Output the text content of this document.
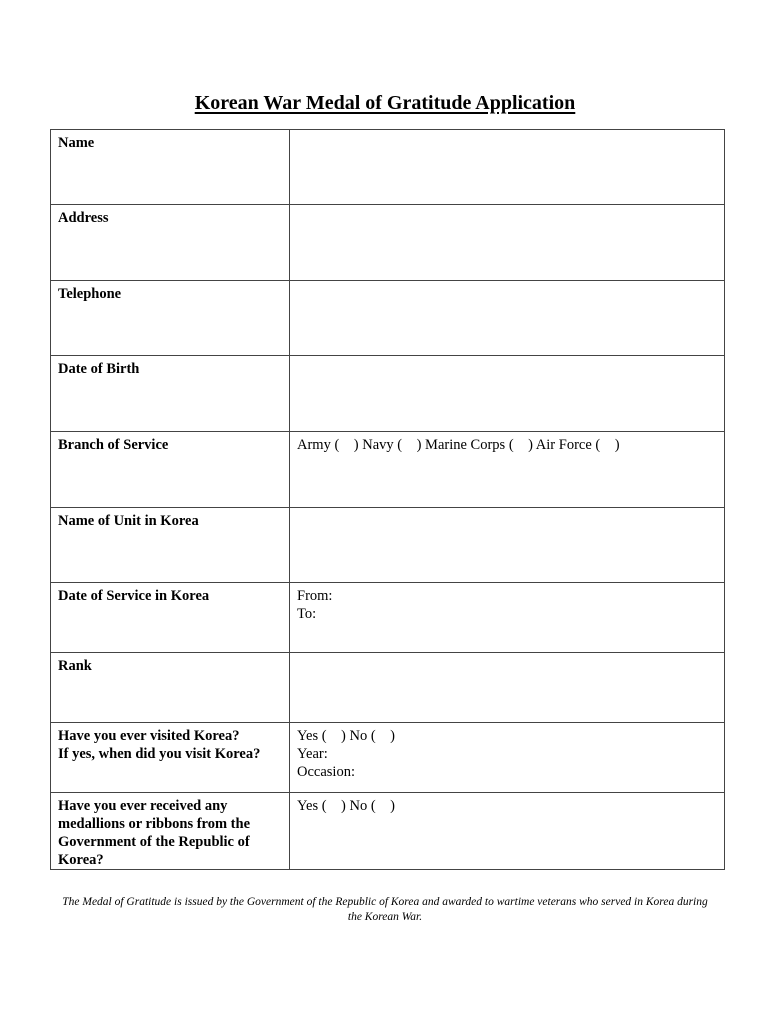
Korean War Medal of Gratitude Application
Name	

Address	

Telephone	

Date of Birth	

Branch of Service	Army (    ) Navy (    ) Marine Corps (    ) Air Force (    )

Name of Unit in Korea	

Date of Service in Korea	From:
To:

Rank	

Have you ever visited Korea?
If yes, when did you visit Korea?	Yes (    ) No (    )
Year:
Occasion:

Have you ever received any medallions or ribbons from the Government of the Republic of Korea?	Yes (    ) No (    )
The Medal of Gratitude is issued by the Government of the Republic of Korea and awarded to wartime veterans who served in Korea during the Korean War.
